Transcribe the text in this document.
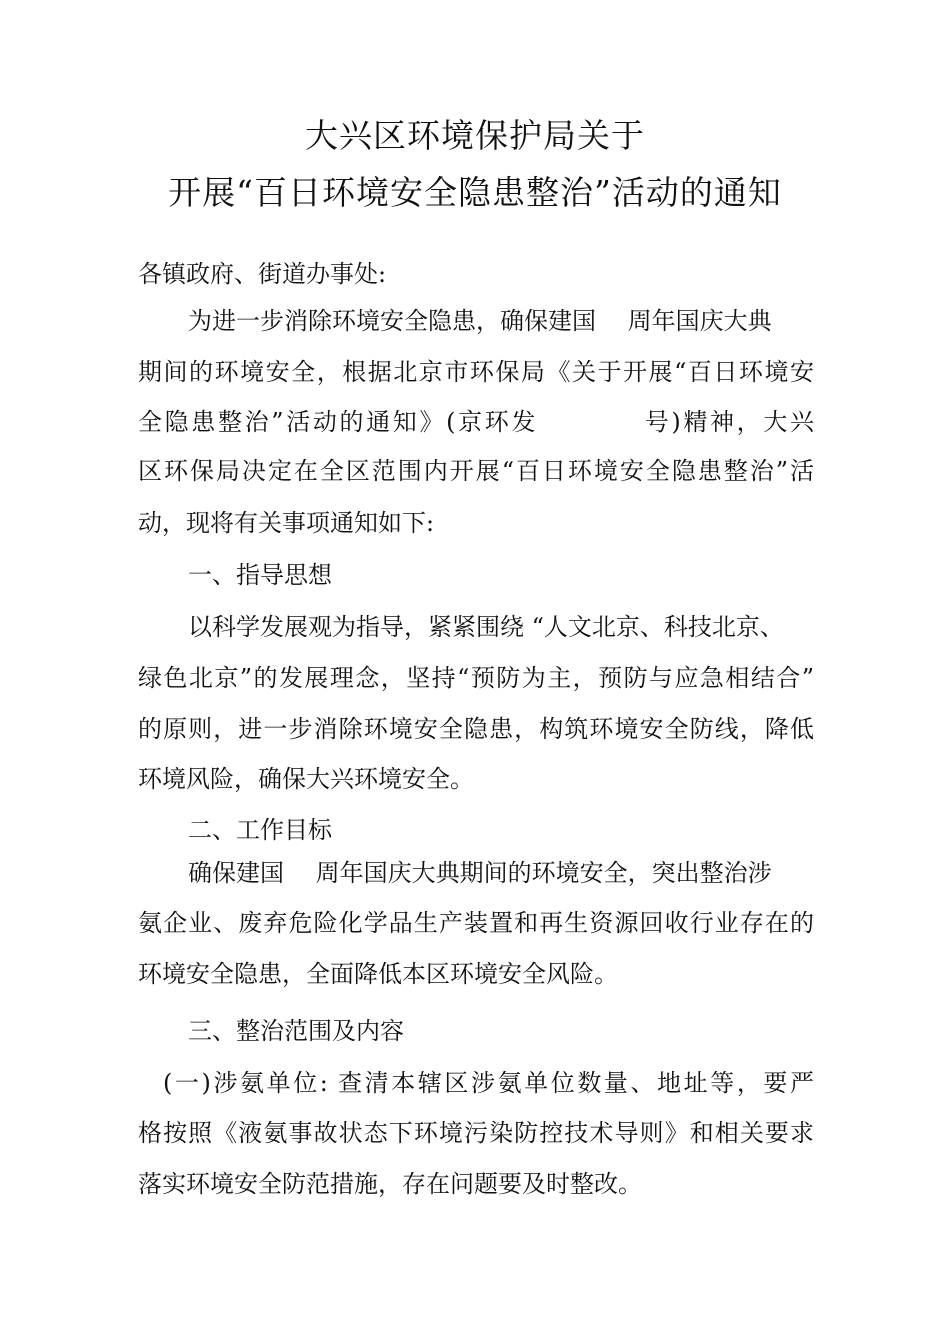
大兴区环境保护局关于
开展“百日环境安全隐患整治”活动的通知
各镇政府、街道办事处:
为进一步消除环境安全隐患，确保建国　 周年国庆大典
期间的环境安全，根据北京市环保局《关于开展“百日环境安
全隐患整治”活动的通知》(京环发　　　　号)精神，大兴
区环保局决定在全区范围内开展“百日环境安全隐患整治”活
动，现将有关事项通知如下:
一、指导思想
以科学发展观为指导，紧紧围绕 “人文北京、科技北京、
绿色北京”的发展理念，坚持“预防为主，预防与应急相结合”
的原则，进一步消除环境安全隐患，构筑环境安全防线，降低
环境风险，确保大兴环境安全。
二、工作目标
确保建国　 周年国庆大典期间的环境安全，突出整治涉
氨企业、废弃危险化学品生产装置和再生资源回收行业存在的
环境安全隐患，全面降低本区环境安全风险。
三、整治范围及内容
(一)涉氨单位: 查清本辖区涉氨单位数量、地址等，要严
格按照《液氨事故状态下环境污染防控技术导则》和相关要求
落实环境安全防范措施，存在问题要及时整改。
